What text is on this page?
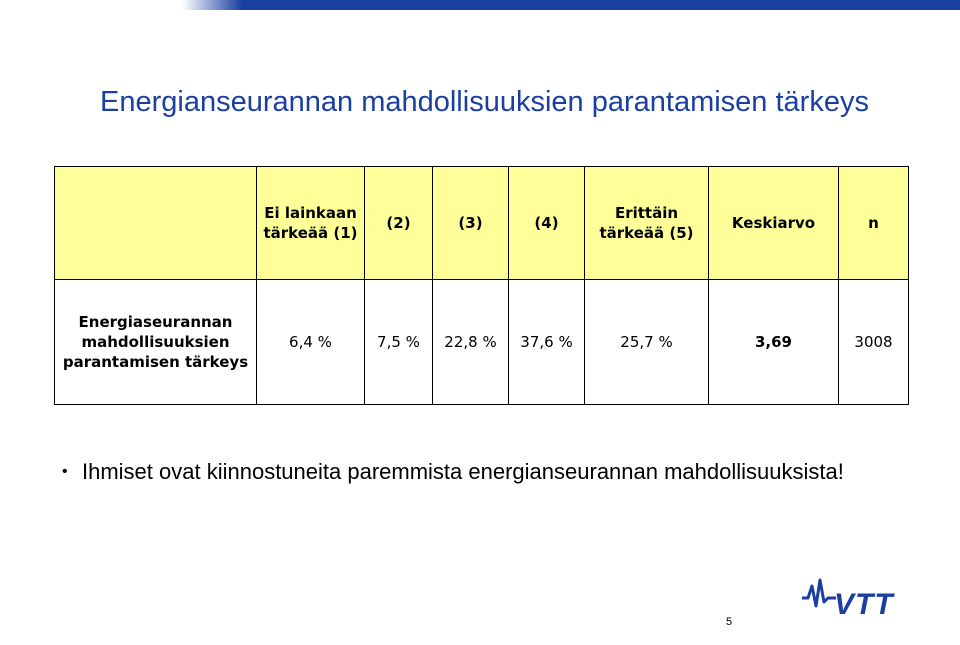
Energianseurannan mahdollisuuksien parantamisen tärkeys
	Ei lainkaan tärkeää (1)	(2)	(3)	(4)	Erittäin tärkeää (5)	Keskiarvo	n
Energiaseurannan mahdollisuuksien parantamisen tärkeys	6,4 %	7,5 %	22,8 %	37,6 %	25,7 %	3,69	3008
• Ihmiset ovat kiinnostuneita paremmista energianseurannan mahdollisuuksista!
5
VTT
